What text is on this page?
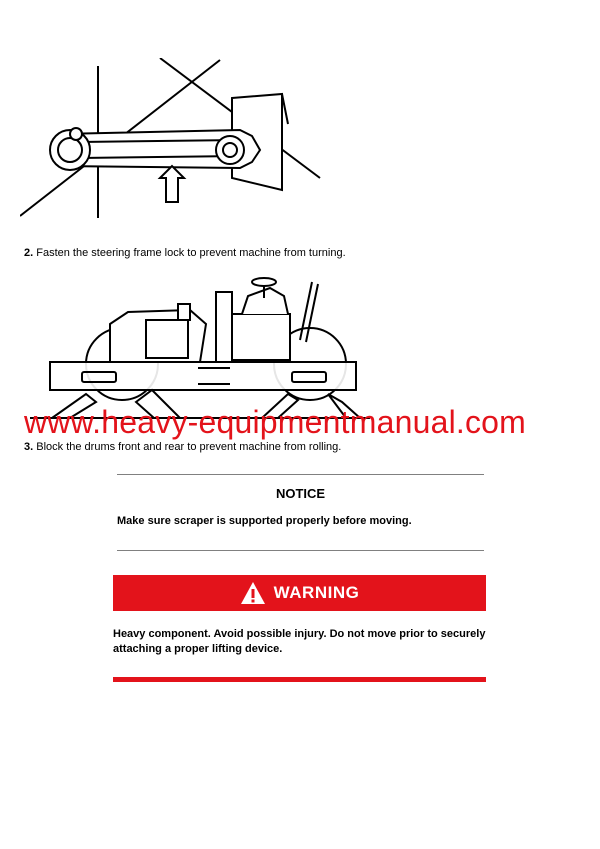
2. Fasten the steering frame lock to prevent machine from turning.
www.heavy-equipmentmanual.com
3. Block the drums front and rear to prevent machine from rolling.
NOTICE
Make sure scraper is supported properly before moving.
WARNING
Heavy component. Avoid possible injury. Do not move prior to securely attaching a proper lifting device.
